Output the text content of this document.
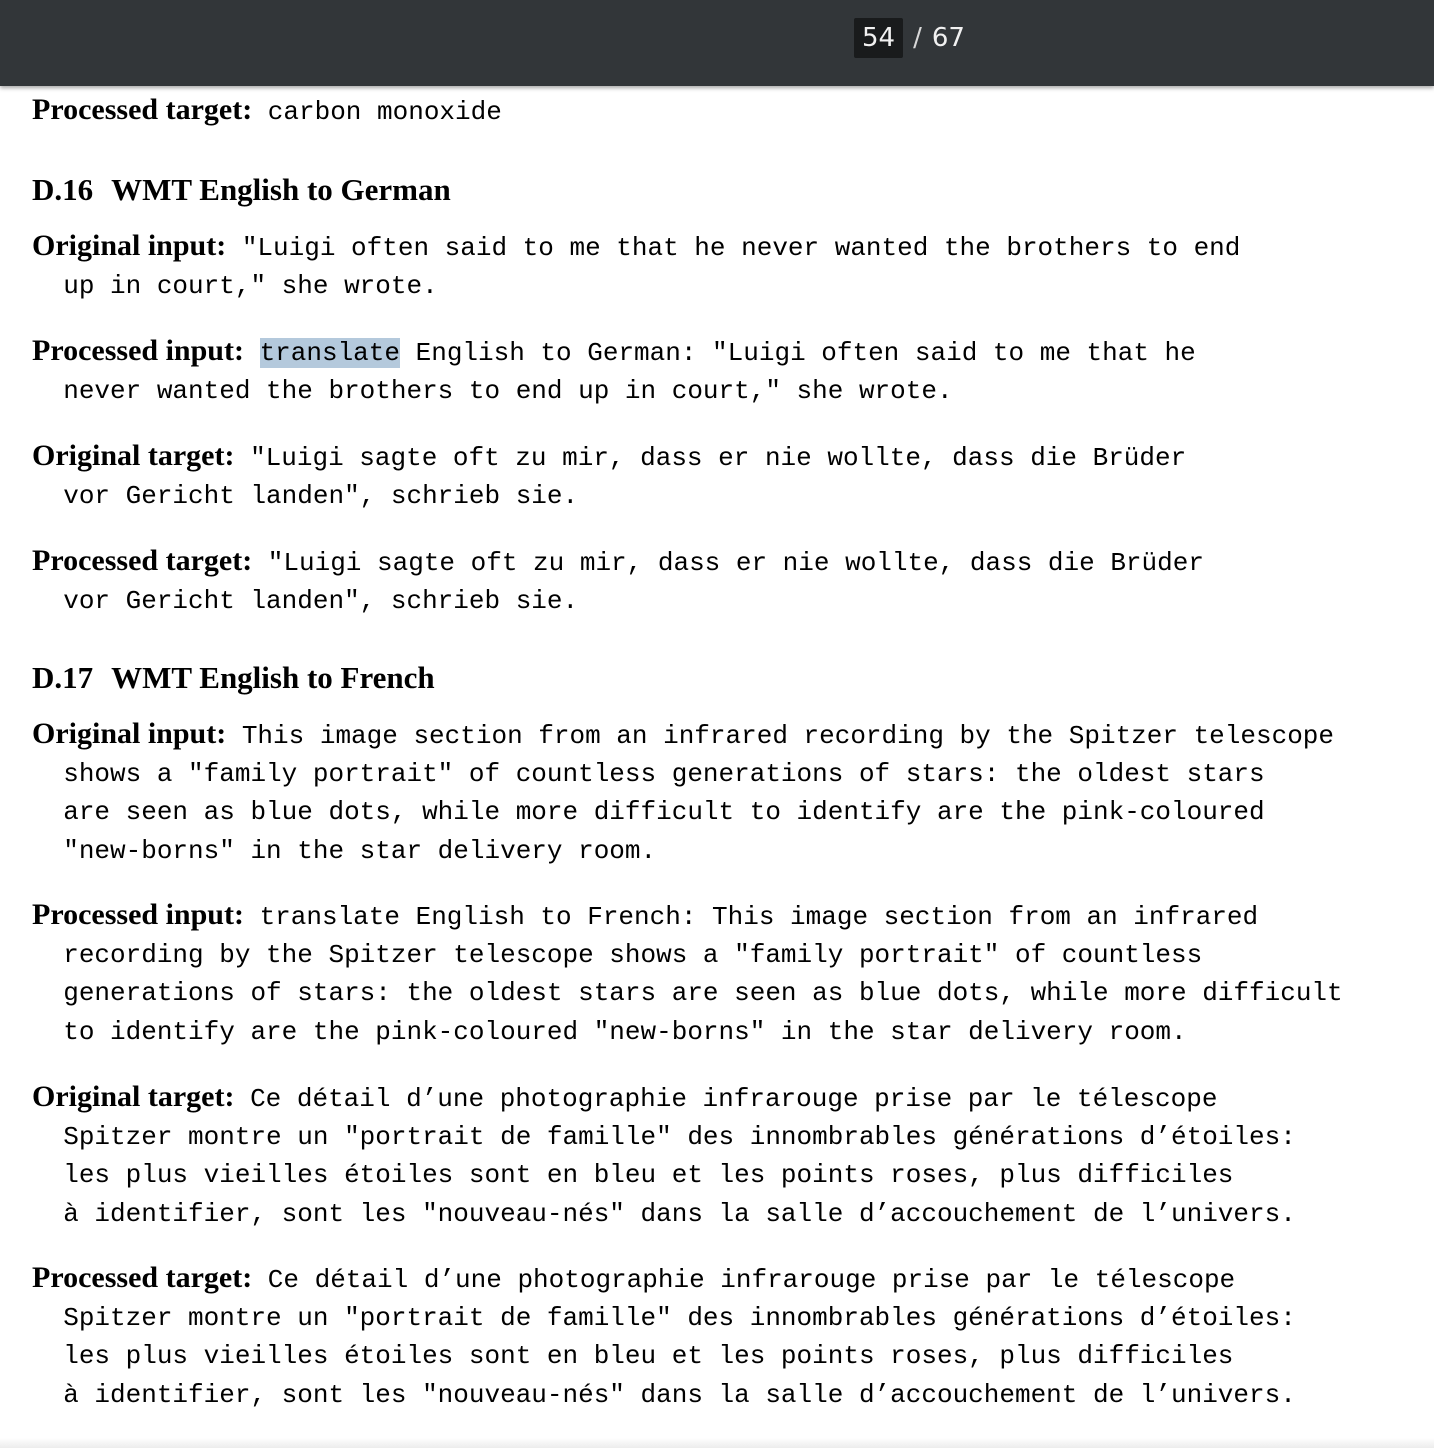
54 / 67
Processed target: carbon monoxide
D.16 WMT English to German
Original input: "Luigi often said to me that he never wanted the brothers to end
up in court," she wrote.
Processed input: translate English to German: "Luigi often said to me that he
never wanted the brothers to end up in court," she wrote.
Original target: "Luigi sagte oft zu mir, dass er nie wollte, dass die Brüder
vor Gericht landen", schrieb sie.
Processed target: "Luigi sagte oft zu mir, dass er nie wollte, dass die Brüder
vor Gericht landen", schrieb sie.
D.17 WMT English to French
Original input: This image section from an infrared recording by the Spitzer telescope
shows a "family portrait" of countless generations of stars: the oldest stars
are seen as blue dots, while more difficult to identify are the pink-coloured
"new-borns" in the star delivery room.
Processed input: translate English to French: This image section from an infrared
recording by the Spitzer telescope shows a "family portrait" of countless
generations of stars: the oldest stars are seen as blue dots, while more difficult
to identify are the pink-coloured "new-borns" in the star delivery room.
Original target: Ce détail d’une photographie infrarouge prise par le télescope
Spitzer montre un "portrait de famille" des innombrables générations d’étoiles:
les plus vieilles étoiles sont en bleu et les points roses, plus difficiles
à identifier, sont les "nouveau-nés" dans la salle d’accouchement de l’univers.
Processed target: Ce détail d’une photographie infrarouge prise par le télescope
Spitzer montre un "portrait de famille" des innombrables générations d’étoiles:
les plus vieilles étoiles sont en bleu et les points roses, plus difficiles
à identifier, sont les "nouveau-nés" dans la salle d’accouchement de l’univers.
